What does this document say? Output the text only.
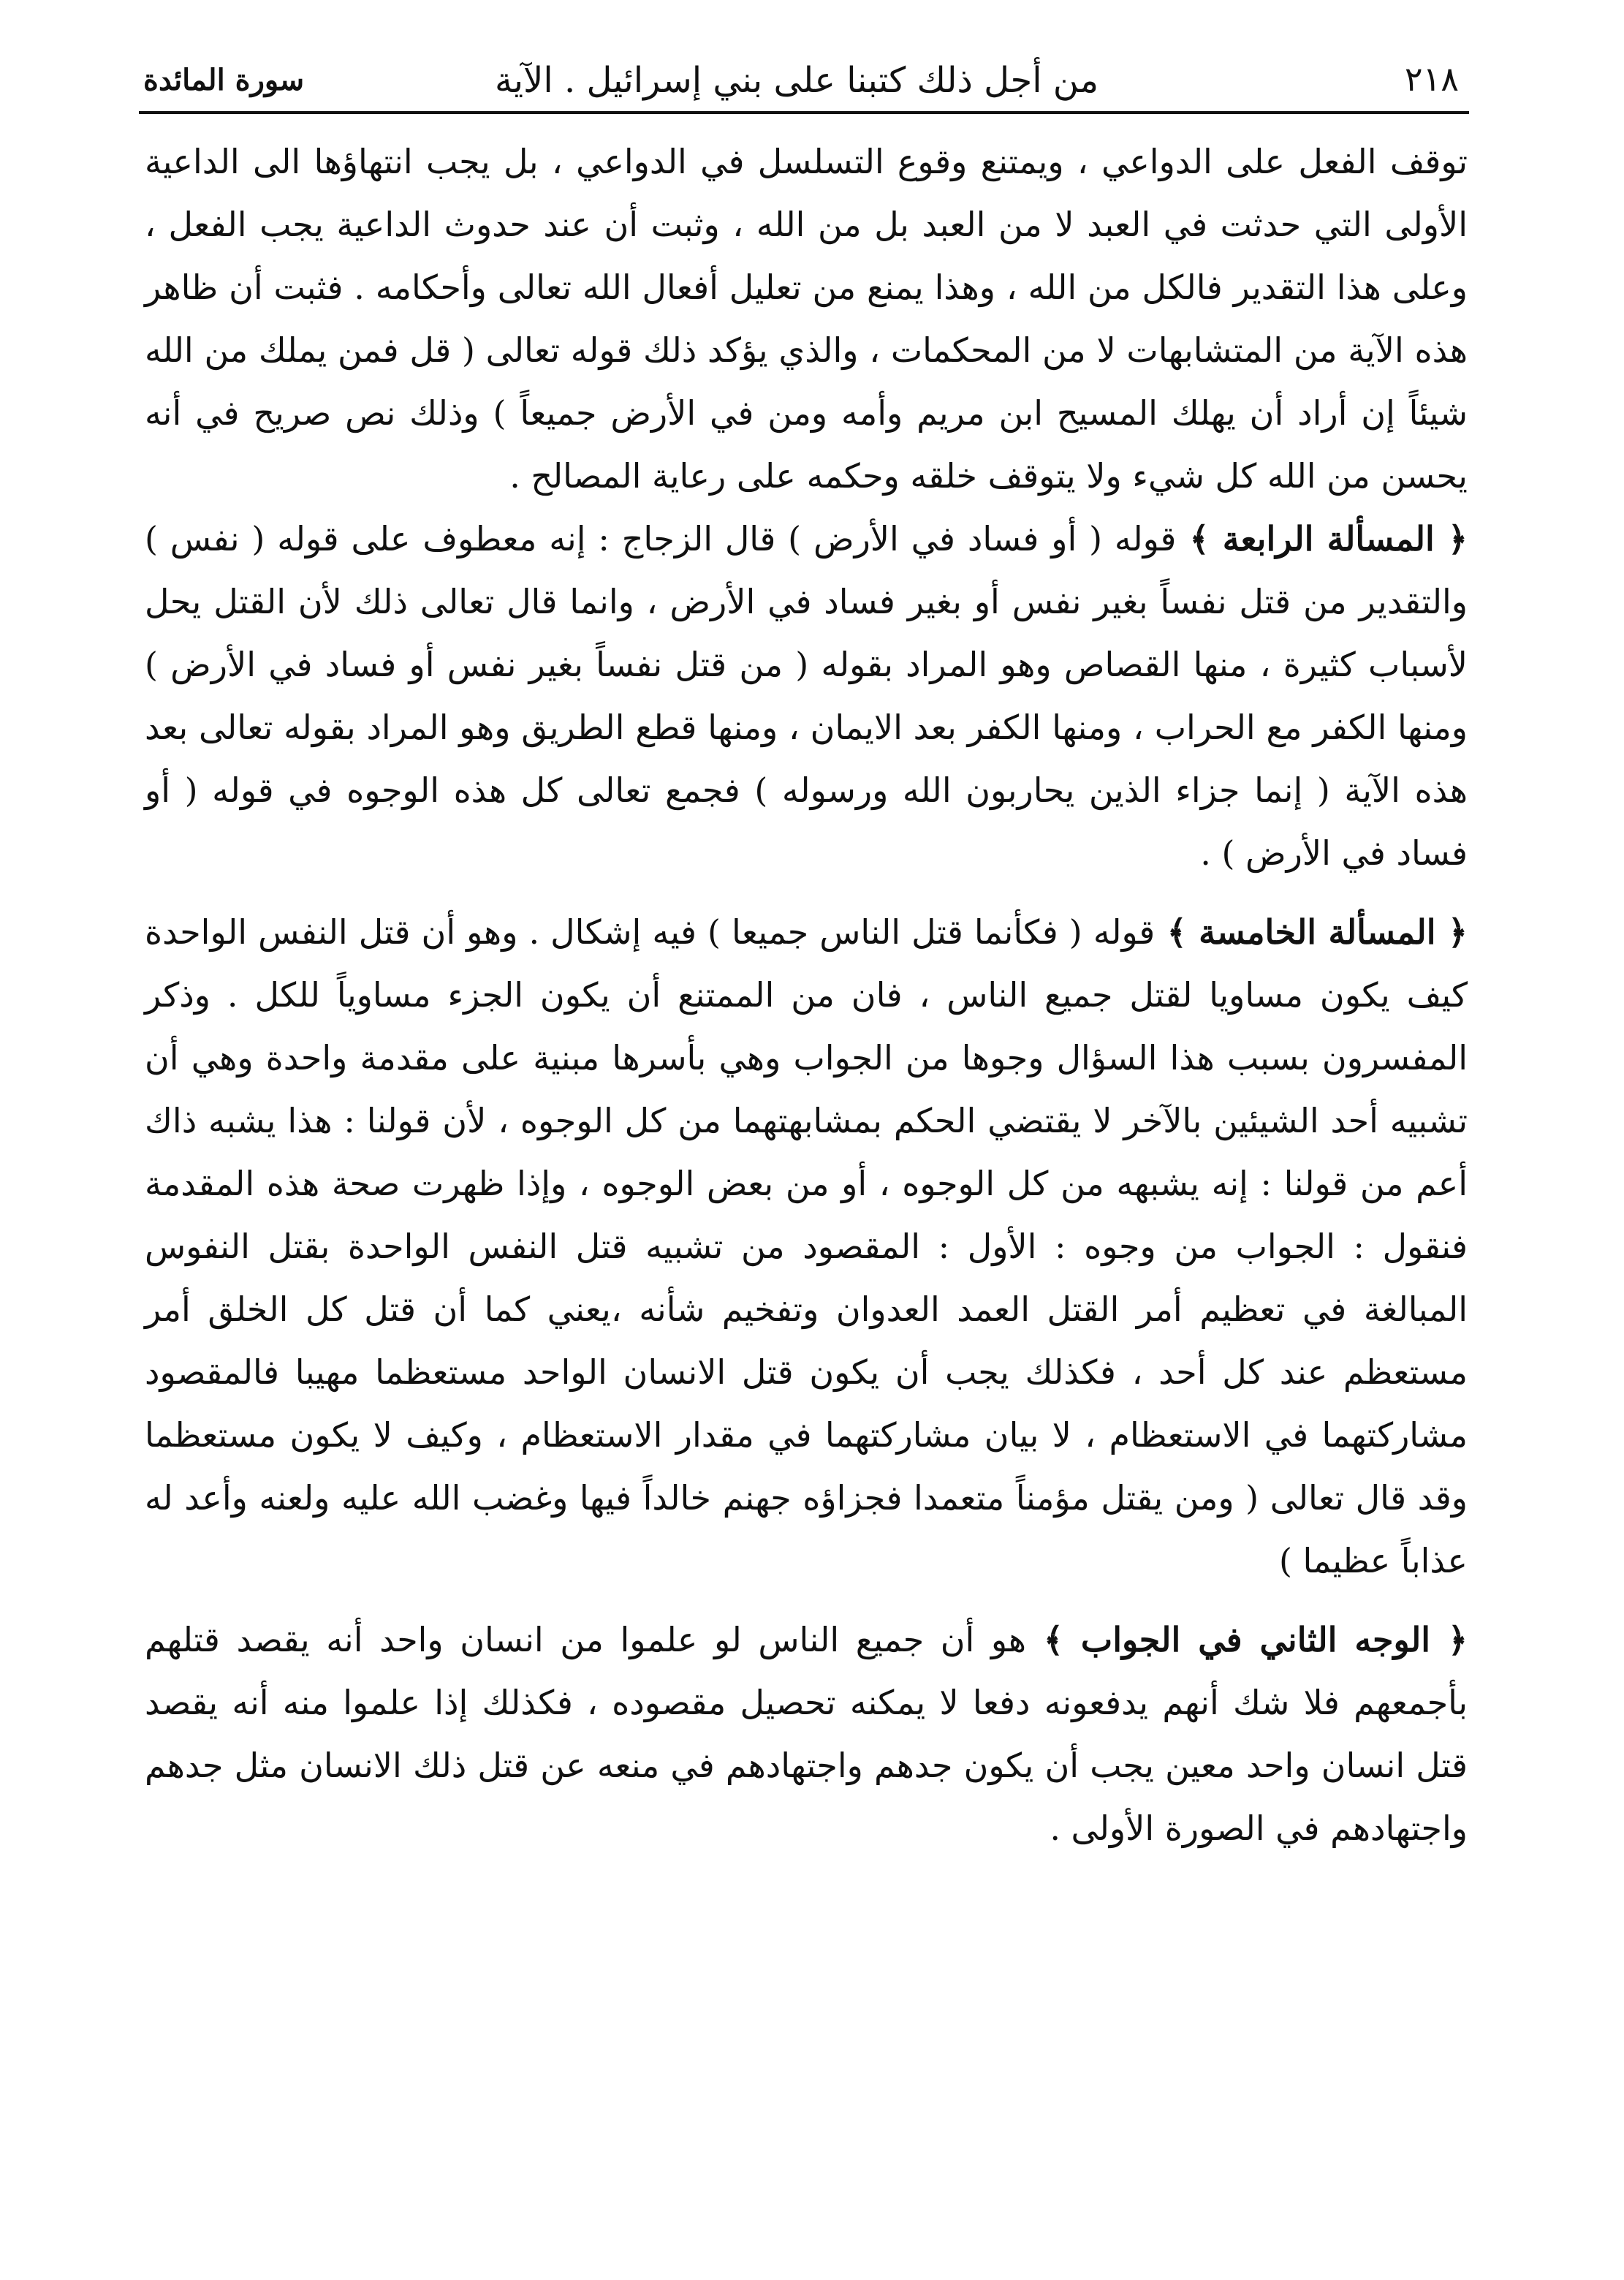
٢١٨
من أجل ذلك كتبنا على بني إسرائيل . الآية
سورة المائدة

توقف الفعل على الدواعي ، ويمتنع وقوع التسلسل في الدواعي ، بل يجب انتهاؤها الى الداعية الأولى التي حدثت في العبد لا من العبد بل من الله ، وثبت أن عند حدوث الداعية يجب الفعل ، وعلى هذا التقدير فالكل من الله ، وهذا يمنع من تعليل أفعال الله تعالى وأحكامه . فثبت أن ظاهر هذه الآية من المتشابهات لا من المحكمات ، والذي يؤكد ذلك قوله تعالى ( قل فمن يملك من الله شيئاً إن أراد أن يهلك المسيح ابن مريم وأمه ومن في الأرض جميعاً ) وذلك نص صريح في أنه يحسن من الله كل شيء ولا يتوقف خلقه وحكمه على رعاية المصالح .

﴿ المسألة الرابعة ﴾ قوله ( أو فساد في الأرض ) قال الزجاج : إنه معطوف على قوله ( نفس ) والتقدير من قتل نفساً بغير نفس أو بغير فساد في الأرض ، وانما قال تعالى ذلك لأن القتل يحل لأسباب كثيرة ، منها القصاص وهو المراد بقوله ( من قتل نفساً بغير نفس أو فساد في الأرض ) ومنها الكفر مع الحراب ، ومنها الكفر بعد الايمان ، ومنها قطع الطريق وهو المراد بقوله تعالى بعد هذه الآية ( إنما جزاء الذين يحاربون الله ورسوله ) فجمع تعالى كل هذه الوجوه في قوله ( أو فساد في الأرض ) .

﴿ المسألة الخامسة ﴾ قوله ( فكأنما قتل الناس جميعا ) فيه إشكال . وهو أن قتل النفس الواحدة كيف يكون مساويا لقتل جميع الناس ، فان من الممتنع أن يكون الجزء مساوياً للكل . وذكر المفسرون بسبب هذا السؤال وجوها من الجواب وهي بأسرها مبنية على مقدمة واحدة وهي أن تشبيه أحد الشيئين بالآخر لا يقتضي الحكم بمشابهتهما من كل الوجوه ، لأن قولنا : هذا يشبه ذاك أعم من قولنا : إنه يشبهه من كل الوجوه ، أو من بعض الوجوه ، وإذا ظهرت صحة هذه المقدمة فنقول : الجواب من وجوه : الأول : المقصود من تشبيه قتل النفس الواحدة بقتل النفوس المبالغة في تعظيم أمر القتل العمد العدوان وتفخيم شأنه ،يعني كما أن قتل كل الخلق أمر مستعظم عند كل أحد ، فكذلك يجب أن يكون قتل الانسان الواحد مستعظما مهيبا فالمقصود مشاركتهما في الاستعظام ، لا بيان مشاركتهما في مقدار الاستعظام ، وكيف لا يكون مستعظما وقد قال تعالى ( ومن يقتل مؤمناً متعمدا فجزاؤه جهنم خالداً فيها وغضب الله عليه ولعنه وأعد له عذاباً عظيما )

﴿ الوجه الثاني في الجواب ﴾ هو أن جميع الناس لو علموا من انسان واحد أنه يقصد قتلهم بأجمعهم فلا شك أنهم يدفعونه دفعا لا يمكنه تحصيل مقصوده ، فكذلك إذا علموا منه أنه يقصد قتل انسان واحد معين يجب أن يكون جدهم واجتهادهم في منعه عن قتل ذلك الانسان مثل جدهم واجتهادهم في الصورة الأولى .
